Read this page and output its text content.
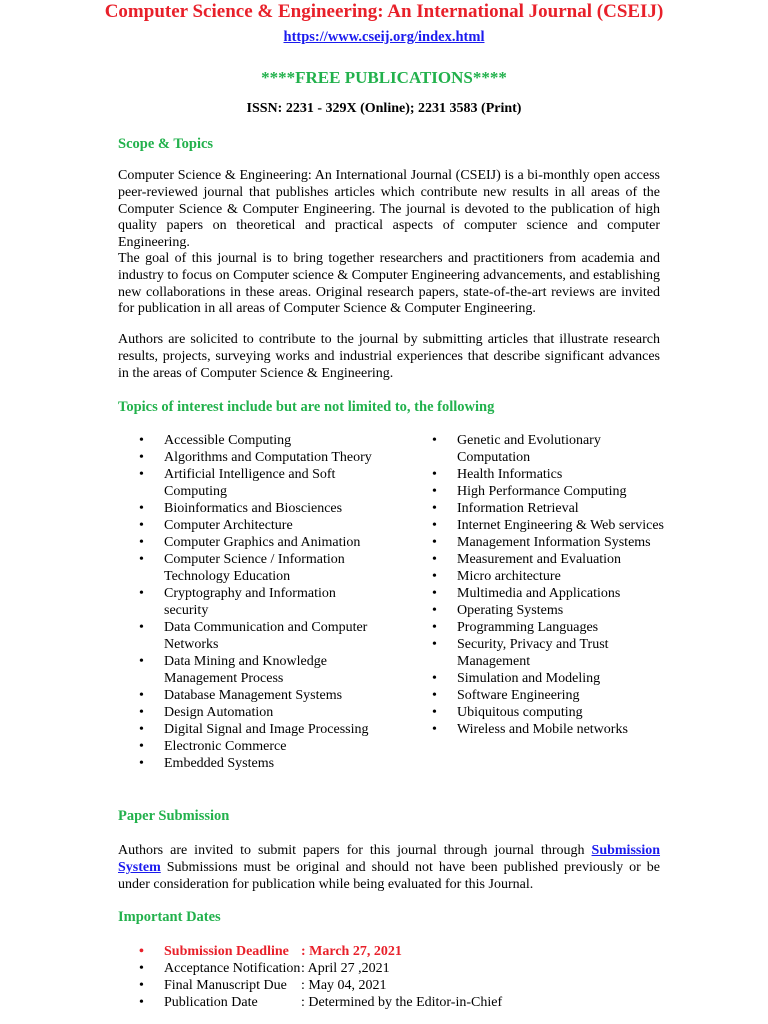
Computer Science & Engineering: An International Journal (CSEIJ)
https://www.cseij.org/index.html
****FREE PUBLICATIONS****
ISSN: 2231 - 329X (Online); 2231 3583 (Print)
Scope & Topics

Computer Science & Engineering: An International Journal (CSEIJ) is a bi-monthly open access peer-reviewed journal that publishes articles which contribute new results in all areas of the Computer Science & Computer Engineering. The journal is devoted to the publication of high quality papers on theoretical and practical aspects of computer science and computer Engineering.

The goal of this journal is to bring together researchers and practitioners from academia and industry to focus on Computer science & Computer Engineering advancements, and establishing new collaborations in these areas. Original research papers, state-of-the-art reviews are invited for publication in all areas of Computer Science & Computer Engineering.

Authors are solicited to contribute to the journal by submitting articles that illustrate research results, projects, surveying works and industrial experiences that describe significant advances in the areas of Computer Science & Engineering.

Topics of interest include but are not limited to, the following
• Accessible Computing
• Algorithms and Computation Theory
• Artificial Intelligence and Soft Computing
• Bioinformatics and Biosciences
• Computer Architecture
• Computer Graphics and Animation
• Computer Science / Information Technology Education
• Cryptography and Information security
• Data Communication and Computer Networks
• Data Mining and Knowledge Management Process
• Database Management Systems
• Design Automation
• Digital Signal and Image Processing
• Electronic Commerce
• Embedded Systems
• Genetic and Evolutionary Computation
• Health Informatics
• High Performance Computing
• Information Retrieval
• Internet Engineering & Web services
• Management Information Systems
• Measurement and Evaluation
• Micro architecture
• Multimedia and Applications
• Operating Systems
• Programming Languages
• Security, Privacy and Trust Management
• Simulation and Modeling
• Software Engineering
• Ubiquitous computing
• Wireless and Mobile networks
Paper Submission

Authors are invited to submit papers for this journal through journal through Submission System Submissions must be original and should not have been published previously or be under consideration for publication while being evaluated for this Journal.

Important Dates
• Submission Deadline : March 27, 2021
• Acceptance Notification: April 27 ,2021
• Final Manuscript Due : May 04, 2021
• Publication Date	: Determined by the Editor-in-Chief
